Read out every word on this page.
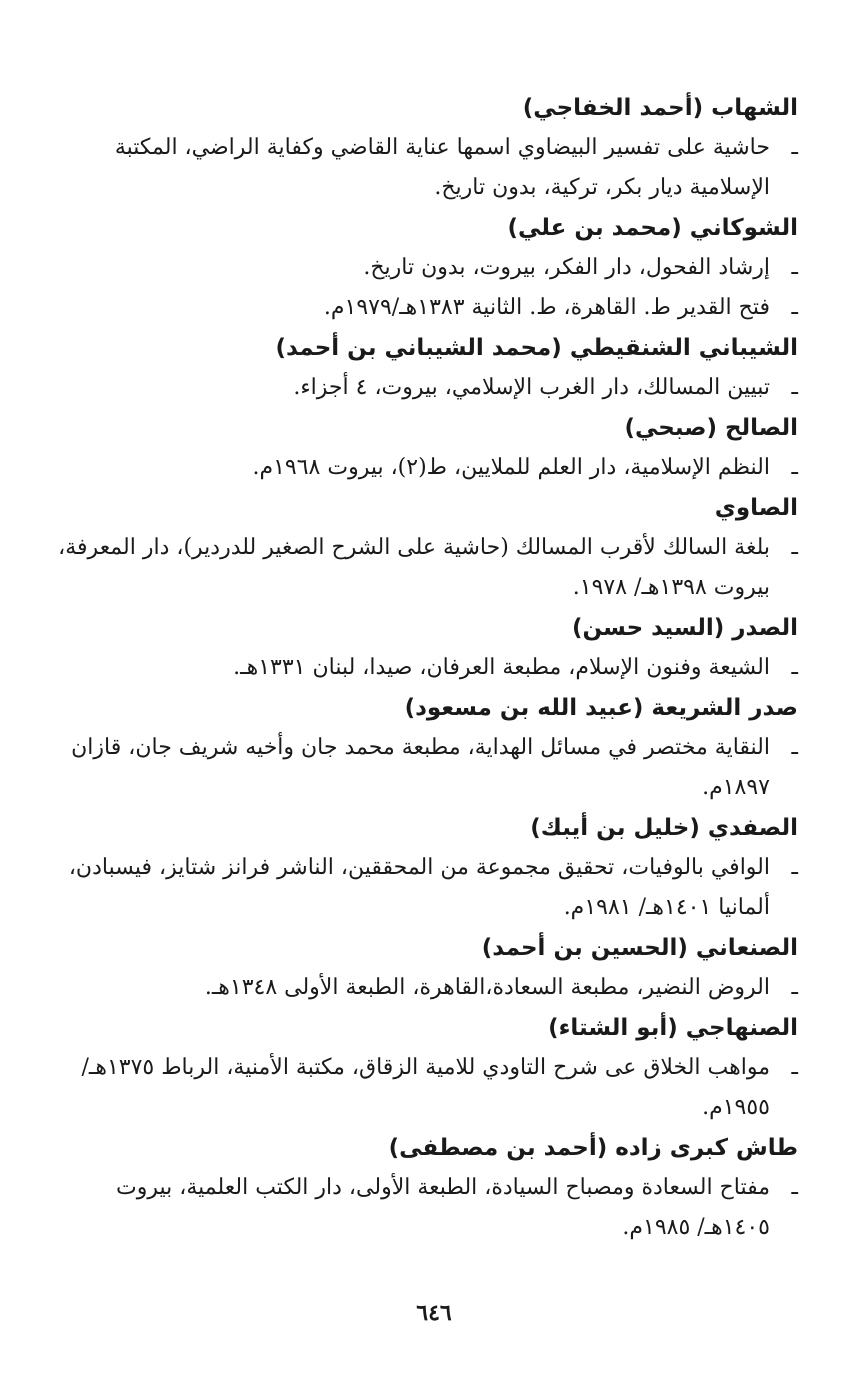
الشهاب (أحمد الخفاجي)
ـحاشية على تفسير البيضاوي اسمها عناية القاضي وكفاية الراضي، المكتبة الإسلامية ديار بكر، تركية، بدون تاريخ.
الشوكاني (محمد بن علي)
ـإرشاد الفحول، دار الفكر، بيروت، بدون تاريخ.
ـفتح القدير ط. القاهرة، ط. الثانية ١٣٨٣هـ/١٩٧٩م.
الشيباني الشنقيطي (محمد الشيباني بن أحمد)
ـتبيين المسالك، دار الغرب الإسلامي، بيروت، ٤ أجزاء.
الصالح (صبحي)
ـالنظم الإسلامية، دار العلم للملايين، ط(٢)، بيروت ١٩٦٨م.
الصاوي
ـبلغة السالك لأقرب المسالك (حاشية على الشرح الصغير للدردير)، دار المعرفة، بيروت ١٣٩٨هـ/ ١٩٧٨.
الصدر (السيد حسن)
ـالشيعة وفنون الإسلام، مطبعة العرفان، صيدا، لبنان ١٣٣١هـ.
صدر الشريعة (عبيد الله بن مسعود)
ـالنقاية مختصر في مسائل الهداية، مطبعة محمد جان وأخيه شريف جان، قازان ١٨٩٧م.
الصفدي (خليل بن أيبك)
ـالوافي بالوفيات، تحقيق مجموعة من المحققين، الناشر فرانز شتايز، فيسبادن، ألمانيا ١٤٠١هـ/ ١٩٨١م.
الصنعاني (الحسين بن أحمد)
ـالروض النضير، مطبعة السعادة،القاهرة، الطبعة الأولى ١٣٤٨هـ.
الصنهاجي (أبو الشتاء)
ـمواهب الخلاق عى شرح التاودي للامية الزقاق، مكتبة الأمنية، الرباط ١٣٧٥هـ/ ١٩٥٥م.
طاش كبرى زاده (أحمد بن مصطفى)
ـمفتاح السعادة ومصباح السيادة، الطبعة الأولى، دار الكتب العلمية، بيروت ١٤٠٥هـ/ ١٩٨٥م.
٦٤٦
